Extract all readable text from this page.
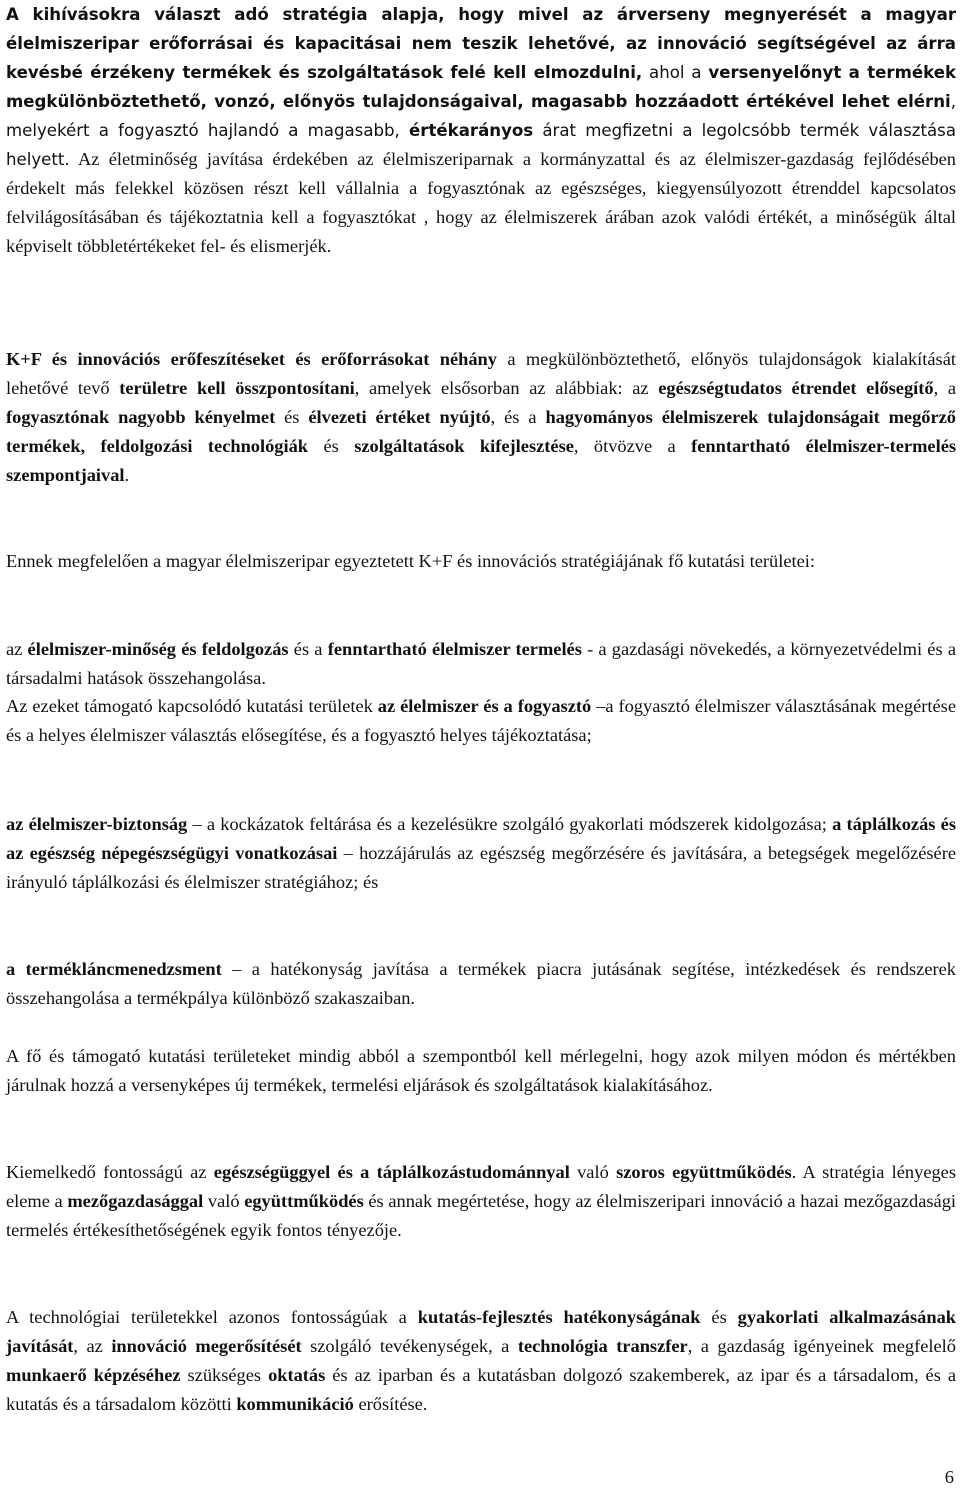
A kihívásokra választ adó stratégia alapja, hogy mivel az árverseny megnyerését a magyar élelmiszeripar erőforrásai és kapacitásai nem teszik lehetővé, az innováció segítségével az árra kevésbé érzékeny termékek és szolgáltatások felé kell elmozdulni, ahol a versenyelőnyt a termékek megkülönböztethető, vonzó, előnyös tulajdonságaival, magasabb hozzáadott értékével lehet elérni, melyekért a fogyasztó hajlandó a magasabb, értékarányos árat megfizetni a legolcsóbb termék választása helyett. Az életminőség javítása érdekében az élelmiszeriparnak a kormányzattal és az élelmiszer-gazdaság fejlődésében érdekelt más felekkel közösen részt kell vállalnia a fogyasztónak az egészséges, kiegyensúlyozott étrenddel kapcsolatos felvilágosításában és tájékoztatnia kell a fogyasztókat , hogy az élelmiszerek árában azok valódi értékét, a minőségük által képviselt többletértékeket fel- és elismerjék.

K+F és innovációs erőfeszítéseket és erőforrásokat néhány a megkülönböztethető, előnyös tulajdonságok kialakítását lehetővé tevő területre kell összpontosítani, amelyek elsősorban az alábbiak: az egészségtudatos étrendet elősegítő, a fogyasztónak nagyobb kényelmet és élvezeti értéket nyújtó, és a hagyományos élelmiszerek tulajdonságait megőrző termékek, feldolgozási technológiák és szolgáltatások kifejlesztése, ötvözve a fenntartható élelmiszer-termelés szempontjaival.

Ennek megfelelően a magyar élelmiszeripar egyeztetett K+F és innovációs stratégiájának fő kutatási területei:

az élelmiszer-minőség és feldolgozás és a fenntartható élelmiszer termelés - a gazdasági növekedés, a környezetvédelmi és a társadalmi hatások összehangolása.

Az ezeket támogató kapcsolódó kutatási területek az élelmiszer és a fogyasztó –a fogyasztó élelmiszer választásának megértése és a helyes élelmiszer választás elősegítése, és a fogyasztó helyes tájékoztatása;

az élelmiszer-biztonság – a kockázatok feltárása és a kezelésükre szolgáló gyakorlati módszerek kidolgozása; a táplálkozás és az egészség népegészségügyi vonatkozásai – hozzájárulás az egészség megőrzésére és javítására, a betegségek megelőzésére irányuló táplálkozási és élelmiszer stratégiához; és

a termékláncmenedzsment – a hatékonyság javítása a termékek piacra jutásának segítése, intézkedések és rendszerek összehangolása a termékpálya különböző szakaszaiban.

A fő és támogató kutatási területeket mindig abból a szempontból kell mérlegelni, hogy azok milyen módon és mértékben járulnak hozzá a versenyképes új termékek, termelési eljárások és szolgáltatások kialakításához.

Kiemelkedő fontosságú az egészségüggyel és a táplálkozástudománnyal való szoros együttműködés. A stratégia lényeges eleme a mezőgazdasággal való együttműködés és annak megértetése, hogy az élelmiszeripari innováció a hazai mezőgazdasági termelés értékesíthetőségének egyik fontos tényezője.

A technológiai területekkel azonos fontosságúak a kutatás-fejlesztés hatékonyságának és gyakorlati alkalmazásának javítását, az innováció megerősítését szolgáló tevékenységek, a technológia transzfer, a gazdaság igényeinek megfelelő munkaerő képzéséhez szükséges oktatás és az iparban és a kutatásban dolgozó szakemberek, az ipar és a társadalom, és a kutatás és a társadalom közötti kommunikáció erősítése.

6
